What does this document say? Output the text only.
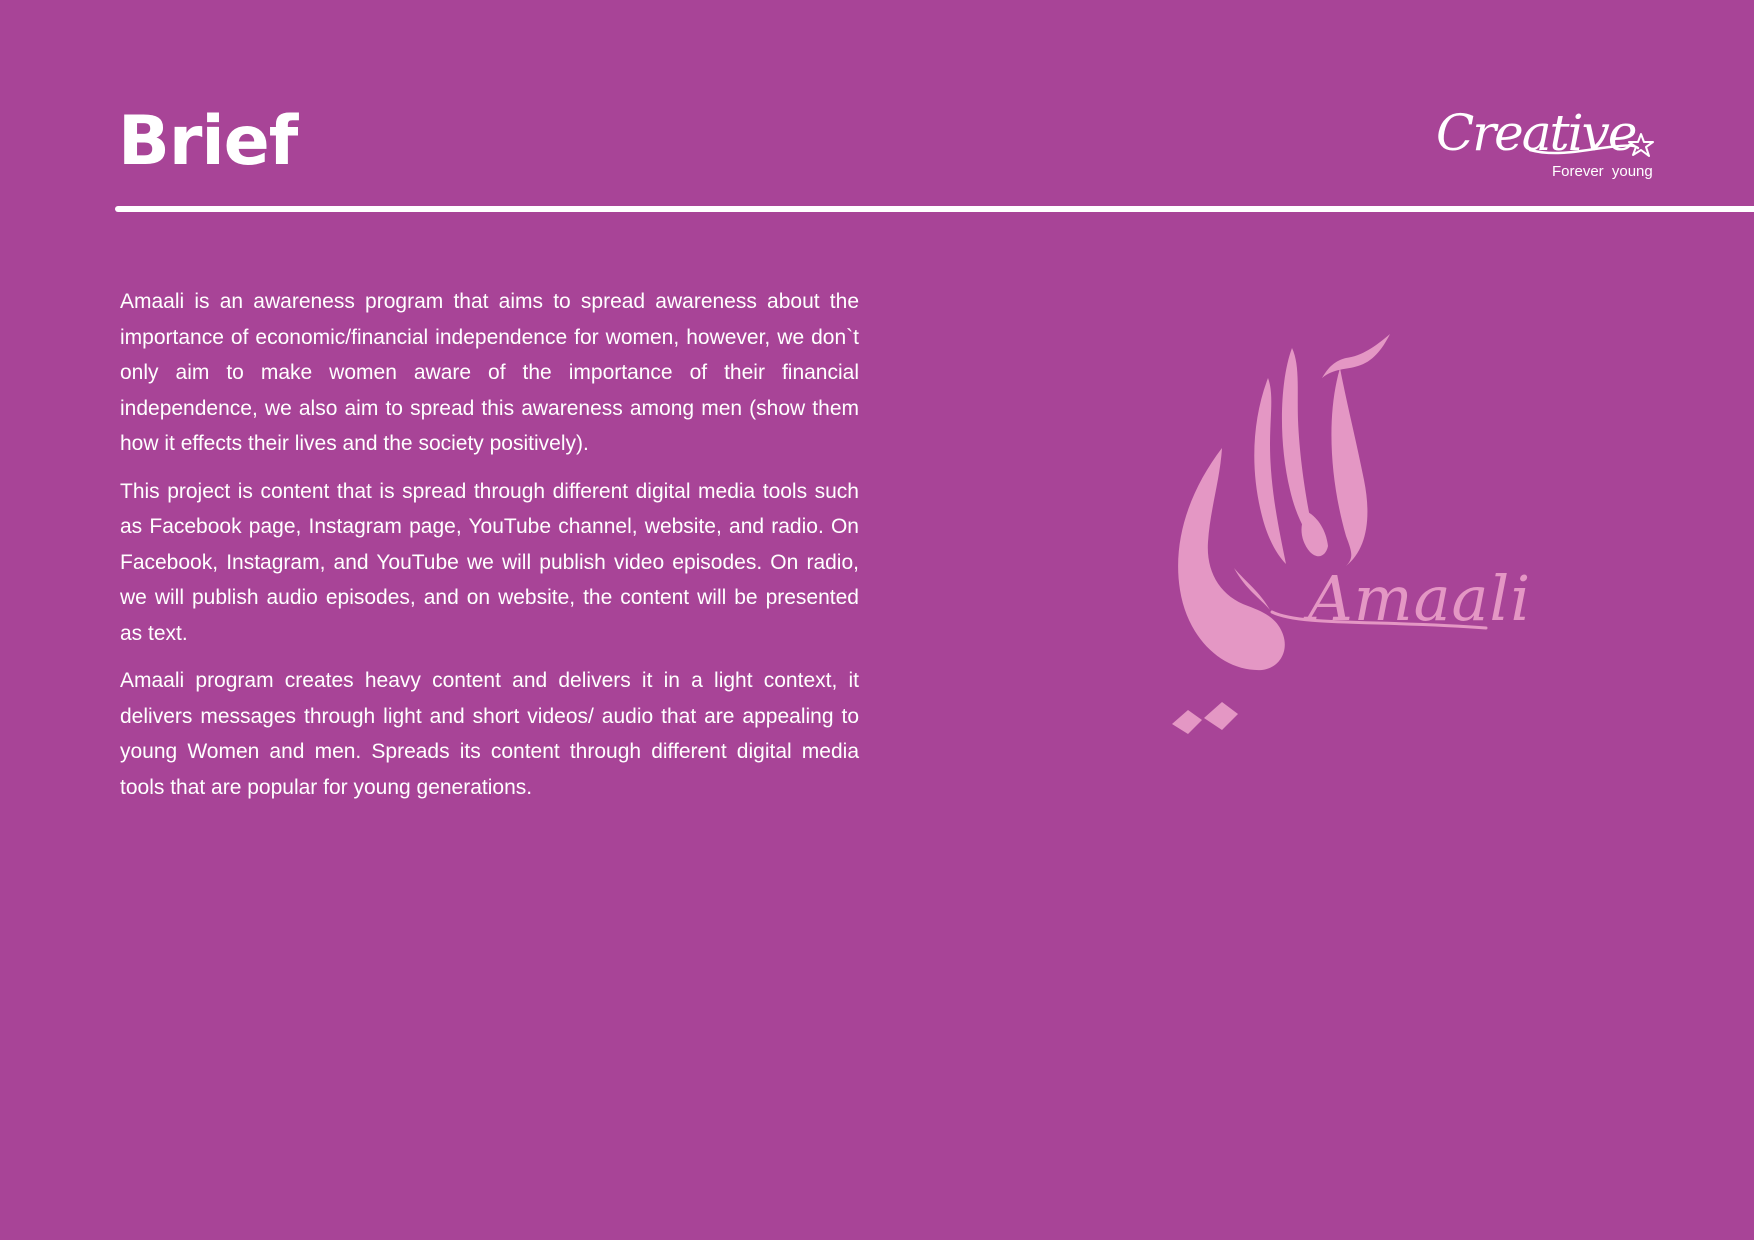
Brief	Creative
Forever young

Amaali is an awareness program that aims to spread awareness about the importance of economic/financial independence for women, however, we don`t only aim to make women aware of the importance of their financial independence, we also aim to spread this awareness among men (show them how it effects their lives and the society positively).

This project is content that is spread through different digital media tools such as Facebook page, Instagram page, YouTube channel, website, and radio. On Facebook, Instagram, and YouTube we will publish video episodes. On radio, we will publish audio episodes, and on website, the content will be presented as text.

Amaali program creates heavy content and delivers it in a light context, it delivers messages through light and short videos/ audio that are appealing to young Women and men. Spreads its content through different digital media tools that are popular for young generations.

Amaali
